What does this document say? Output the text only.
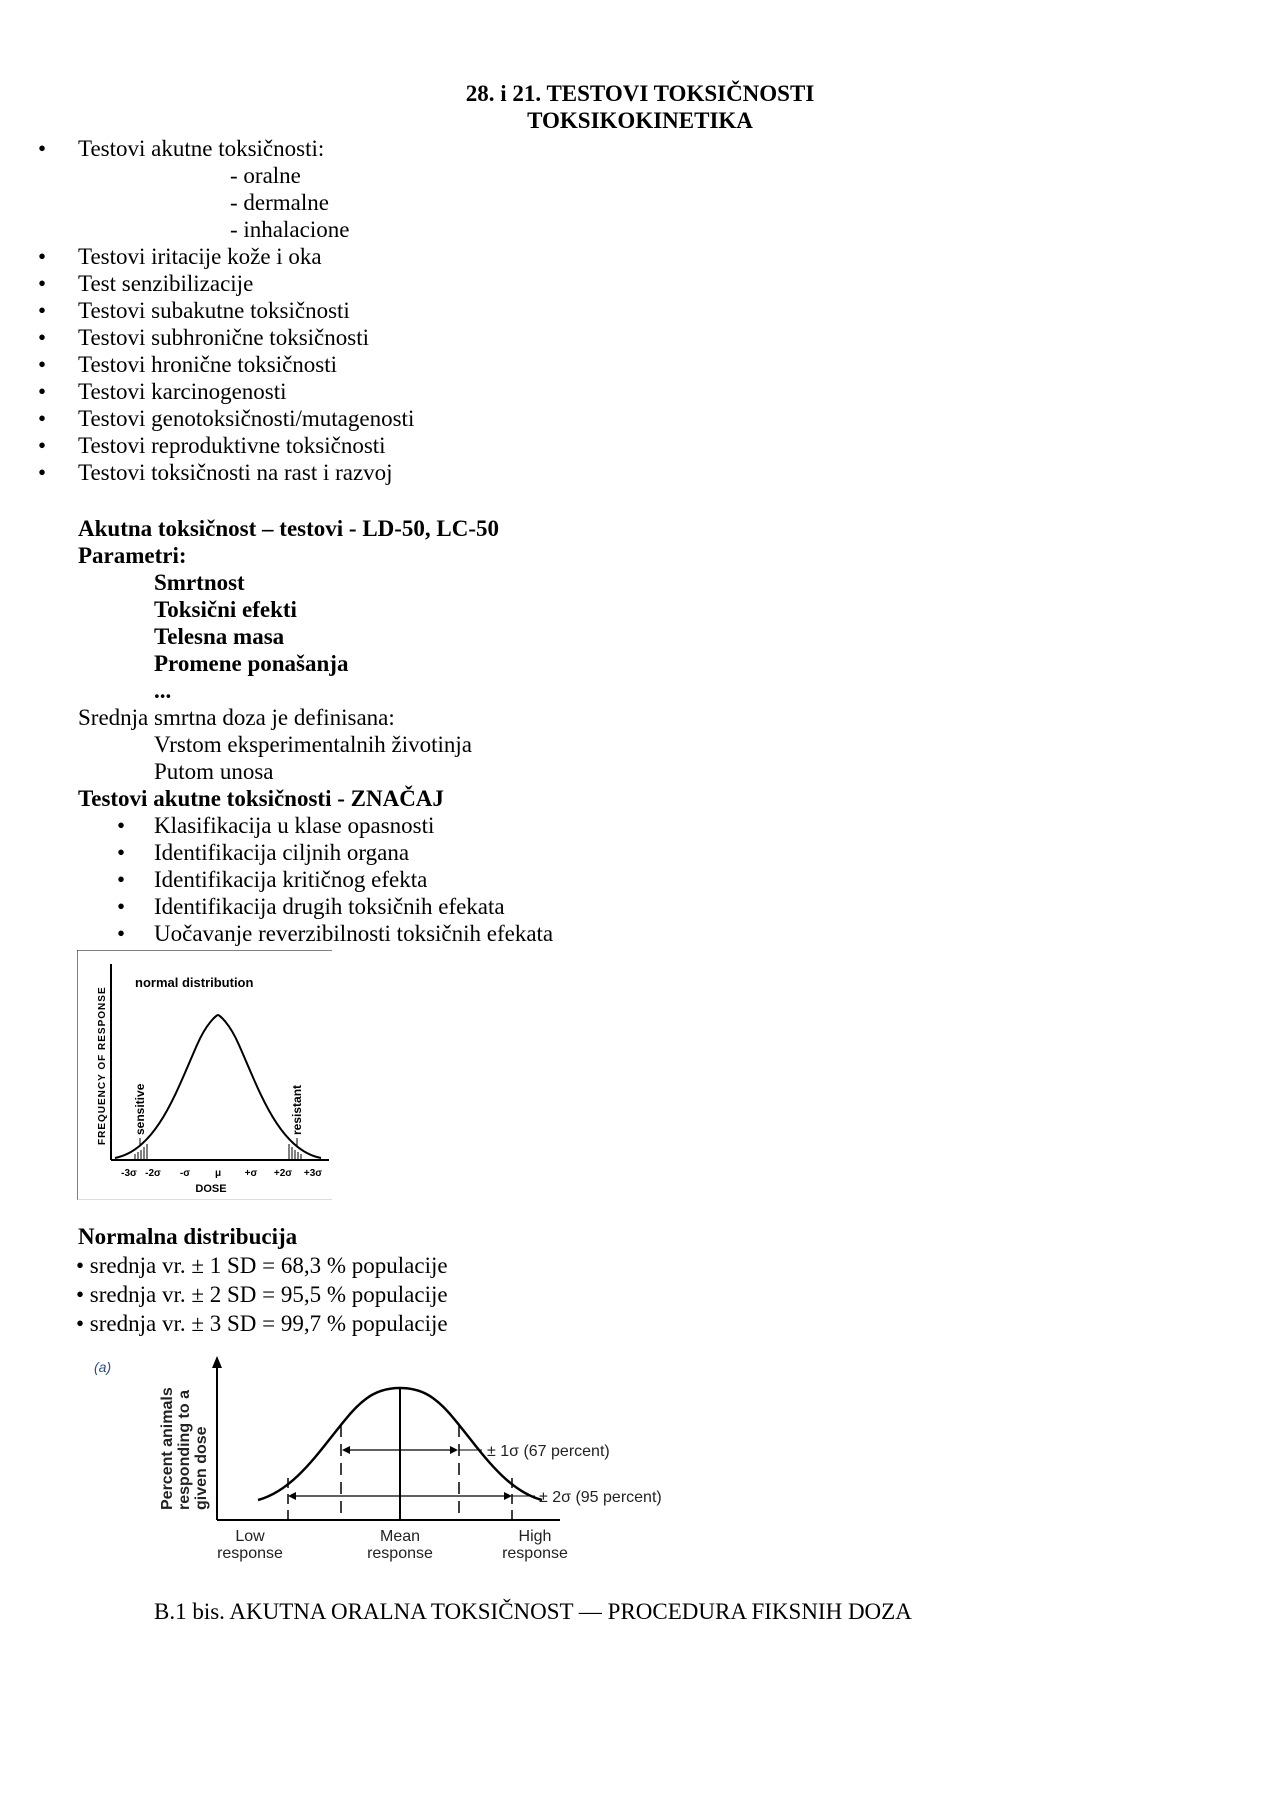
28. i 21. TESTOVI TOKSIČNOSTI
TOKSIKOKINETIKA
• Testovi akutne toksičnosti:
- oralne
- dermalne
- inhalacione
• Testovi iritacije kože i oka
• Test senzibilizacije
• Testovi subakutne toksičnosti
• Testovi subhronične toksičnosti
• Testovi hronične toksičnosti
• Testovi karcinogenosti
• Testovi genotoksičnosti/mutagenosti
• Testovi reproduktivne toksičnosti
• Testovi toksičnosti na rast i razvoj
Akutna toksičnost – testovi - LD-50, LC-50
Parametri:
Smrtnost
Toksični efekti
Telesna masa
Promene ponašanja
...
Srednja smrtna doza je definisana:
Vrstom eksperimentalnih životinja
Putom unosa
Testovi akutne toksičnosti - ZNAČAJ
• Klasifikacija u klase opasnosti
• Identifikacija ciljnih organa
• Identifikacija kritičnog efekta
• Identifikacija drugih toksičnih efekata
• Uočavanje reverzibilnosti toksičnih efekata
normal distribution
FREQUENCY OF RESPONSE sensitive	resistant
-3σ -2σ -σ μ +σ +2σ +3σ
DOSE
Normalna distribucija
• srednja vr. ± 1 SD = 68,3 % populacije
• srednja vr. ± 2 SD = 95,5 % populacije
• srednja vr. ± 3 SD = 99,7 % populacije
(a)
Percent animals responding to a given dose	± 1σ (67 percent)
± 2σ (95 percent)
Low
response
Mean
response
High
response
B.1 bis. AKUTNA ORALNA TOKSIČNOST — PROCEDURA FIKSNIH DOZA
